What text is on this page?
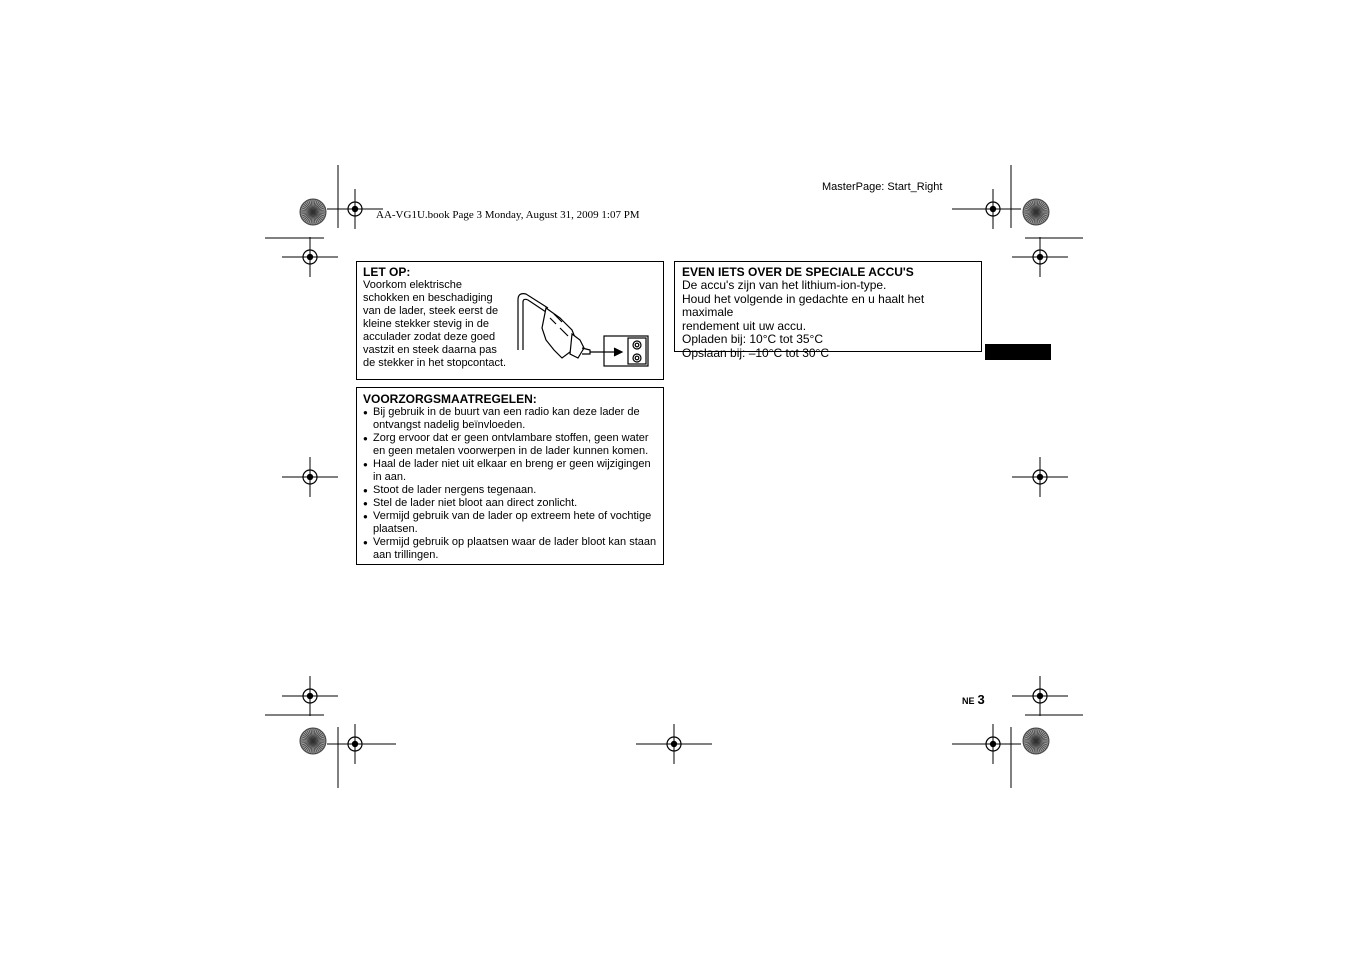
MasterPage: Start_Right
AA-VG1U.book Page 3 Monday, August 31, 2009 1:07 PM
LET OP:
Voorkom elektrische
schokken en beschadiging
van de lader, steek eerst de
kleine stekker stevig in de
acculader zodat deze goed
vastzit en steek daarna pas
de stekker in het stopcontact.
VOORZORGSMAATREGELEN:
● Bij gebruik in de buurt van een radio kan deze lader de ontvangst nadelig beïnvloeden.
● Zorg ervoor dat er geen ontvlambare stoffen, geen water en geen metalen voorwerpen in de lader kunnen komen.
● Haal de lader niet uit elkaar en breng er geen wijzigingen in aan.
● Stoot de lader nergens tegenaan.
● Stel de lader niet bloot aan direct zonlicht.
● Vermijd gebruik van de lader op extreem hete of vochtige plaatsen.
● Vermijd gebruik op plaatsen waar de lader bloot kan staan aan trillingen.
EVEN IETS OVER DE SPECIALE ACCU'S
De accu's zijn van het lithium-ion-type.
Houd het volgende in gedachte en u haalt het maximale
rendement uit uw accu.
Opladen bij: 10°C tot 35°C
Opslaan bij: –10°C tot 30°C
NE 3
